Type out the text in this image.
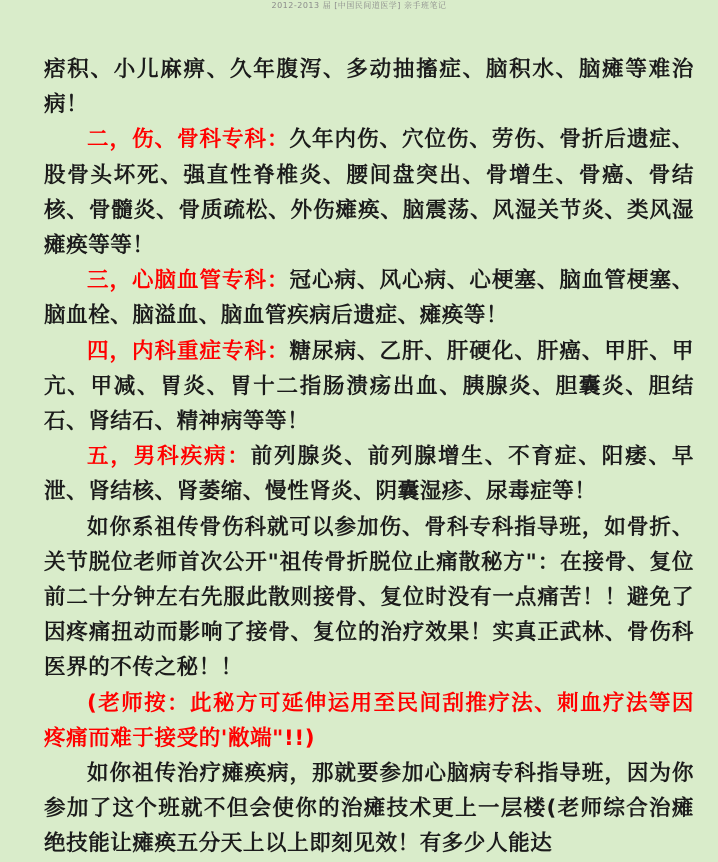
2012-2013 届 [中国民间道医学] 亲手班笔记

痞积、小儿麻痹、久年腹泻、多动抽搐症、脑积水、脑瘫等难治病！

二，伤、骨科专科：久年内伤、穴位伤、劳伤、骨折后遗症、股骨头坏死、强直性脊椎炎、腰间盘突出、骨增生、骨癌、骨结核、骨髓炎、骨质疏松、外伤瘫痪、脑震荡、风湿关节炎、类风湿瘫痪等等！

三，心脑血管专科：冠心病、风心病、心梗塞、脑血管梗塞、脑血栓、脑溢血、脑血管疾病后遗症、瘫痪等！

四，内科重症专科：糖尿病、乙肝、肝硬化、肝癌、甲肝、甲亢、甲减、胃炎、胃十二指肠溃疡出血、胰腺炎、胆囊炎、胆结石、肾结石、精神病等等！

五，男科疾病：前列腺炎、前列腺增生、不育症、阳痿、早泄、肾结核、肾萎缩、慢性肾炎、阴囊湿疹、尿毒症等！

如你系祖传骨伤科就可以参加伤、骨科专科指导班，如骨折、关节脱位老师首次公开"祖传骨折脱位止痛散秘方"：在接骨、复位前二十分钟左右先服此散则接骨、复位时没有一点痛苦！！避免了因疼痛扭动而影响了接骨、复位的治疗效果！实真正武林、骨伤科医界的不传之秘！！

(老师按：此秘方可延伸运用至民间刮推疗法、刺血疗法等因疼痛而难于接受的'敝端"!!)

如你祖传治疗瘫痪病，那就要参加心脑病专科指导班，因为你参加了这个班就不但会使你的治瘫技术更上一层楼(老师综合治瘫绝技能让瘫痪五分天上以上即刻见效！有多少人能达
